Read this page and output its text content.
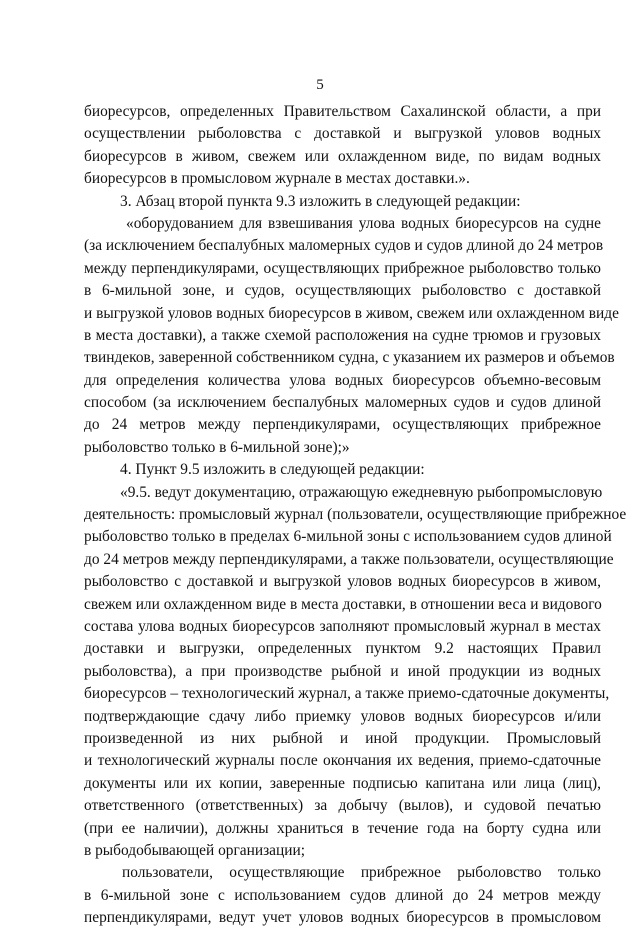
5
биоресурсов, определенных Правительством Сахалинской области, а при
осуществлении рыболовства с доставкой и выгрузкой уловов водных
биоресурсов в живом, свежем или охлажденном виде, по видам водных
биоресурсов в промысловом журнале в местах доставки.».
3. Абзац второй пункта 9.3 изложить в следующей редакции:
«оборудованием для взвешивания улова водных биоресурсов на судне
(за исключением беспалубных маломерных судов и судов длиной до 24 метров
между перпендикулярами, осуществляющих прибрежное рыболовство только
в 6-мильной зоне, и судов, осуществляющих рыболовство с доставкой
и выгрузкой уловов водных биоресурсов в живом, свежем или охлажденном виде
в места доставки), а также схемой расположения на судне трюмов и грузовых
твиндеков, заверенной собственником судна, с указанием их размеров и объемов
для определения количества улова водных биоресурсов объемно-весовым
способом (за исключением беспалубных маломерных судов и судов длиной
до 24 метров между перпендикулярами, осуществляющих прибрежное
рыболовство только в 6-мильной зоне);»
4. Пункт 9.5 изложить в следующей редакции:
«9.5. ведут документацию, отражающую ежедневную рыбопромысловую
деятельность: промысловый журнал (пользователи, осуществляющие прибрежное
рыболовство только в пределах 6-мильной зоны с использованием судов длиной
до 24 метров между перпендикулярами, а также пользователи, осуществляющие
рыболовство с доставкой и выгрузкой уловов водных биоресурсов в живом,
свежем или охлажденном виде в места доставки, в отношении веса и видового
состава улова водных биоресурсов заполняют промысловый журнал в местах
доставки и выгрузки, определенных пунктом 9.2 настоящих Правил
рыболовства), а при производстве рыбной и иной продукции из водных
биоресурсов – технологический журнал, а также приемо-сдаточные документы,
подтверждающие сдачу либо приемку уловов водных биоресурсов и/или
произведенной из них рыбной и иной продукции. Промысловый
и технологический журналы после окончания их ведения, приемо-сдаточные
документы или их копии, заверенные подписью капитана или лица (лиц),
ответственного (ответственных) за добычу (вылов), и судовой печатью
(при ее наличии), должны храниться в течение года на борту судна или
в рыбодобывающей организации;
пользователи, осуществляющие прибрежное рыболовство только
в 6-мильной зоне с использованием судов длиной до 24 метров между
перпендикулярами, ведут учет уловов водных биоресурсов в промысловом
